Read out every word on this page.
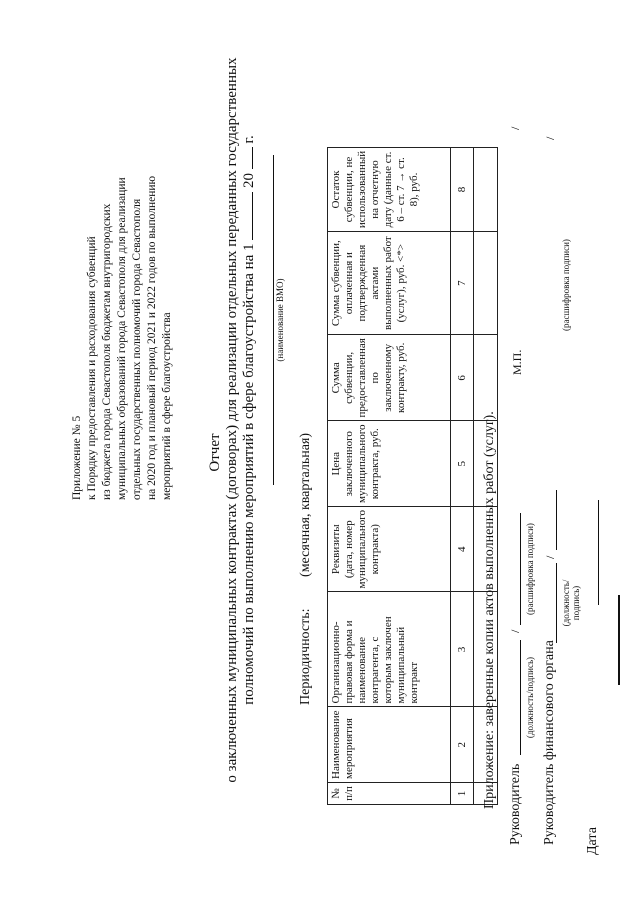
Приложение № 5 к Порядку предоставления и расходования субвенций из бюджета города Севастополя бюджетам внутригородских муниципальных образований города Севастополя для реализации отдельных государственных полномочий города Севастополя на 2020 год и плановый период 2021 и 2022 годов по выполнению мероприятий в сфере благоустройства Отчет о заключенных муниципальных контрактах (договорах) для реализации отдельных переданных государственных полномочий по выполнению мероприятий в сфере благоустройства на 1  20  г.
(наименование ВМО)
Периодичность: (месячная, квартальная)
№ п/п	Наименование мероприятия	Организационно-правовая форма и наименование контрагента, с которым заключен муниципальный контракт	Реквизиты (дата, номер муниципального контракта)	Цена заключенного муниципального контракта, руб.	Сумма субвенции, предоставленная по заключенному контракту, руб.	Сумма субвенции, оплаченная и подтвержденная актами выполненных работ (услуг), руб. <*>	Остаток субвенции, не использованный на отчетную дату (данные ст. 6 – ст. 7 → ст. 8), руб.
1	2	3	4	5	6	7	8

Приложение: заверенные копии актов выполненных работ (услуг). Руководитель
(должность/подпись)
/
(расшифровка подписи)
М.П.
/
Руководитель финансового органа
(должность/подпись)
/
/
(расшифровка подписи)
Дата
